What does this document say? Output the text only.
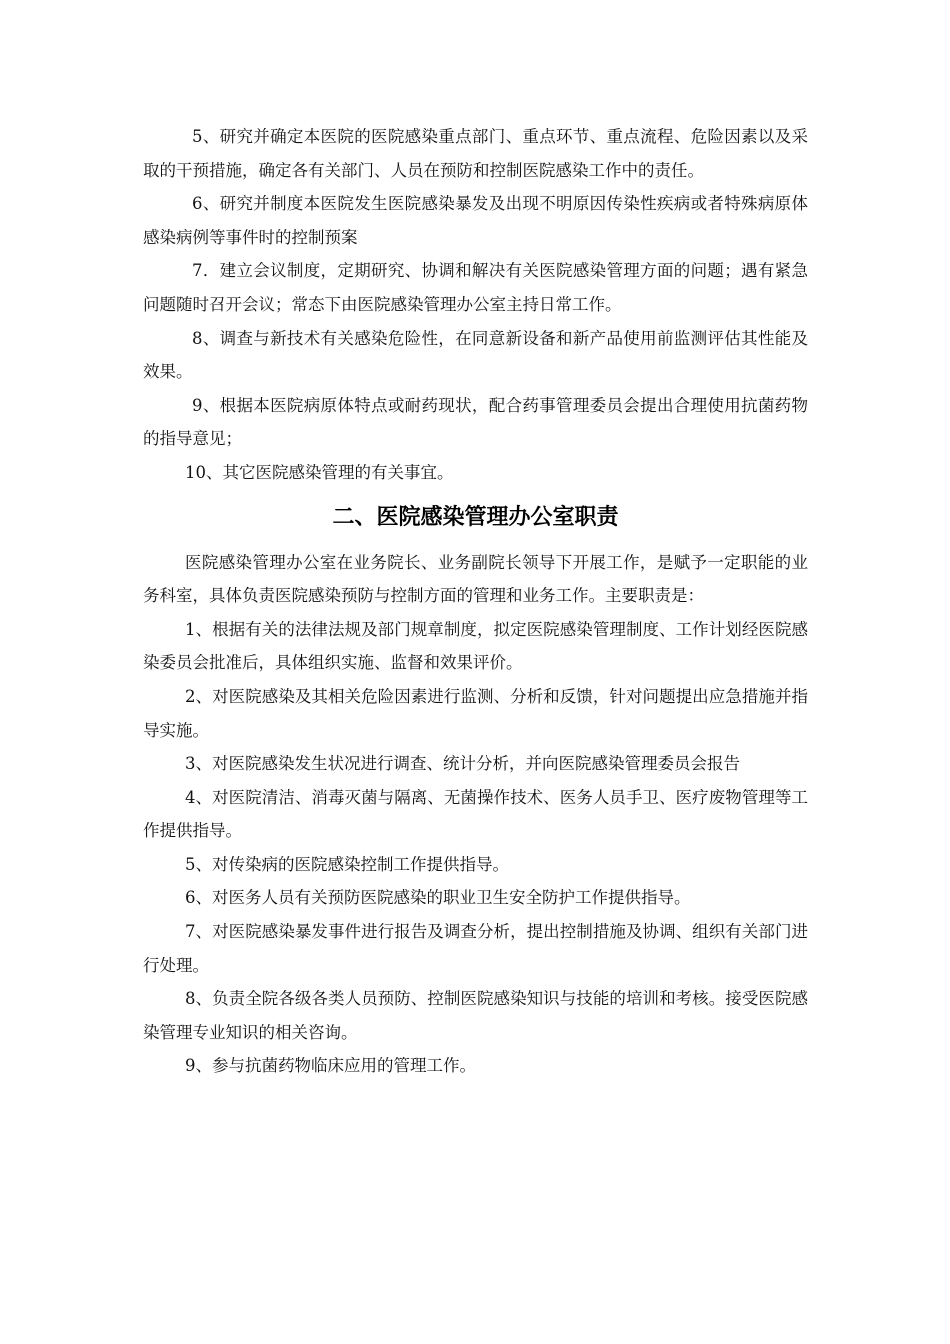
5、研究并确定本医院的医院感染重点部门、重点环节、重点流程、危险因素以及采取的干预措施，确定各有关部门、人员在预防和控制医院感染工作中的责任。

6、研究并制度本医院发生医院感染暴发及出现不明原因传染性疾病或者特殊病原体感染病例等事件时的控制预案

7．建立会议制度，定期研究、协调和解决有关医院感染管理方面的问题；遇有紧急问题随时召开会议；常态下由医院感染管理办公室主持日常工作。

8、调查与新技术有关感染危险性，在同意新设备和新产品使用前监测评估其性能及效果。

9、根据本医院病原体特点或耐药现状，配合药事管理委员会提出合理使用抗菌药物的指导意见；

10、其它医院感染管理的有关事宜。

二、医院感染管理办公室职责

医院感染管理办公室在业务院长、业务副院长领导下开展工作，是赋予一定职能的业务科室，具体负责医院感染预防与控制方面的管理和业务工作。主要职责是：

1、根据有关的法律法规及部门规章制度，拟定医院感染管理制度、工作计划经医院感染委员会批准后，具体组织实施、监督和效果评价。

2、对医院感染及其相关危险因素进行监测、分析和反馈，针对问题提出应急措施并指导实施。

3、对医院感染发生状况进行调查、统计分析，并向医院感染管理委员会报告

4、对医院清洁、消毒灭菌与隔离、无菌操作技术、医务人员手卫、医疗废物管理等工作提供指导。

5、对传染病的医院感染控制工作提供指导。

6、对医务人员有关预防医院感染的职业卫生安全防护工作提供指导。

7、对医院感染暴发事件进行报告及调查分析，提出控制措施及协调、组织有关部门进行处理。

8、负责全院各级各类人员预防、控制医院感染知识与技能的培训和考核。接受医院感染管理专业知识的相关咨询。

9、参与抗菌药物临床应用的管理工作。
